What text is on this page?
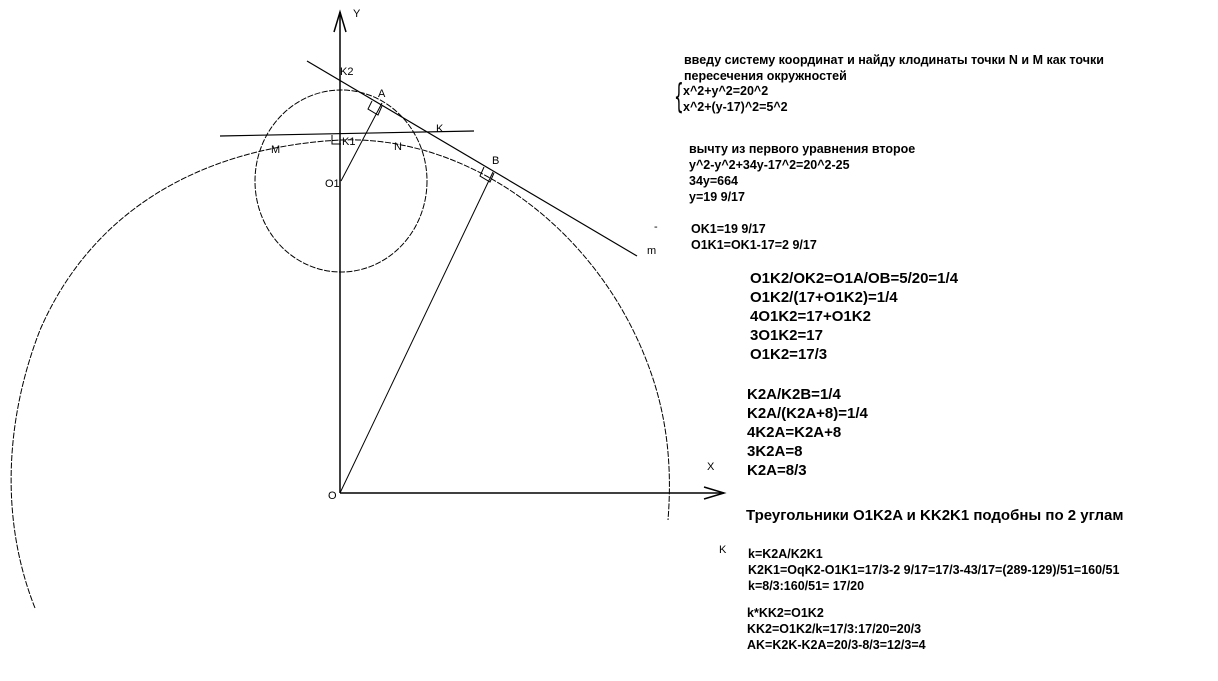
Y
X
O
K2
A
K
M
K1	N
O1
B
m
-
K
{
введу систему координат и найду клодинаты точки N и M как точки
пересечения окружностей
x^2+y^2=20^2
x^2+(y-17)^2=5^2
вычту из первого уравнения второе
y^2-y^2+34y-17^2=20^2-25
34y=664
y=19 9/17
OK1=19 9/17
O1K1=OK1-17=2 9/17
O1K2/OK2=O1A/OB=5/20=1/4
O1K2/(17+O1K2)=1/4
4O1K2=17+O1K2
3O1K2=17
O1K2=17/3
K2A/K2B=1/4
K2A/(K2A+8)=1/4
4K2A=K2A+8
3K2A=8
K2A=8/3
Треугольники O1K2A и KK2K1 подобны по 2 углам
k=K2A/K2K1
K2K1=OqK2-O1K1=17/3-2 9/17=17/3-43/17=(289-129)/51=160/51
k=8/3:160/51= 17/20
k*KK2=O1K2
KK2=O1K2/k=17/3:17/20=20/3
AK=K2K-K2A=20/3-8/3=12/3=4
